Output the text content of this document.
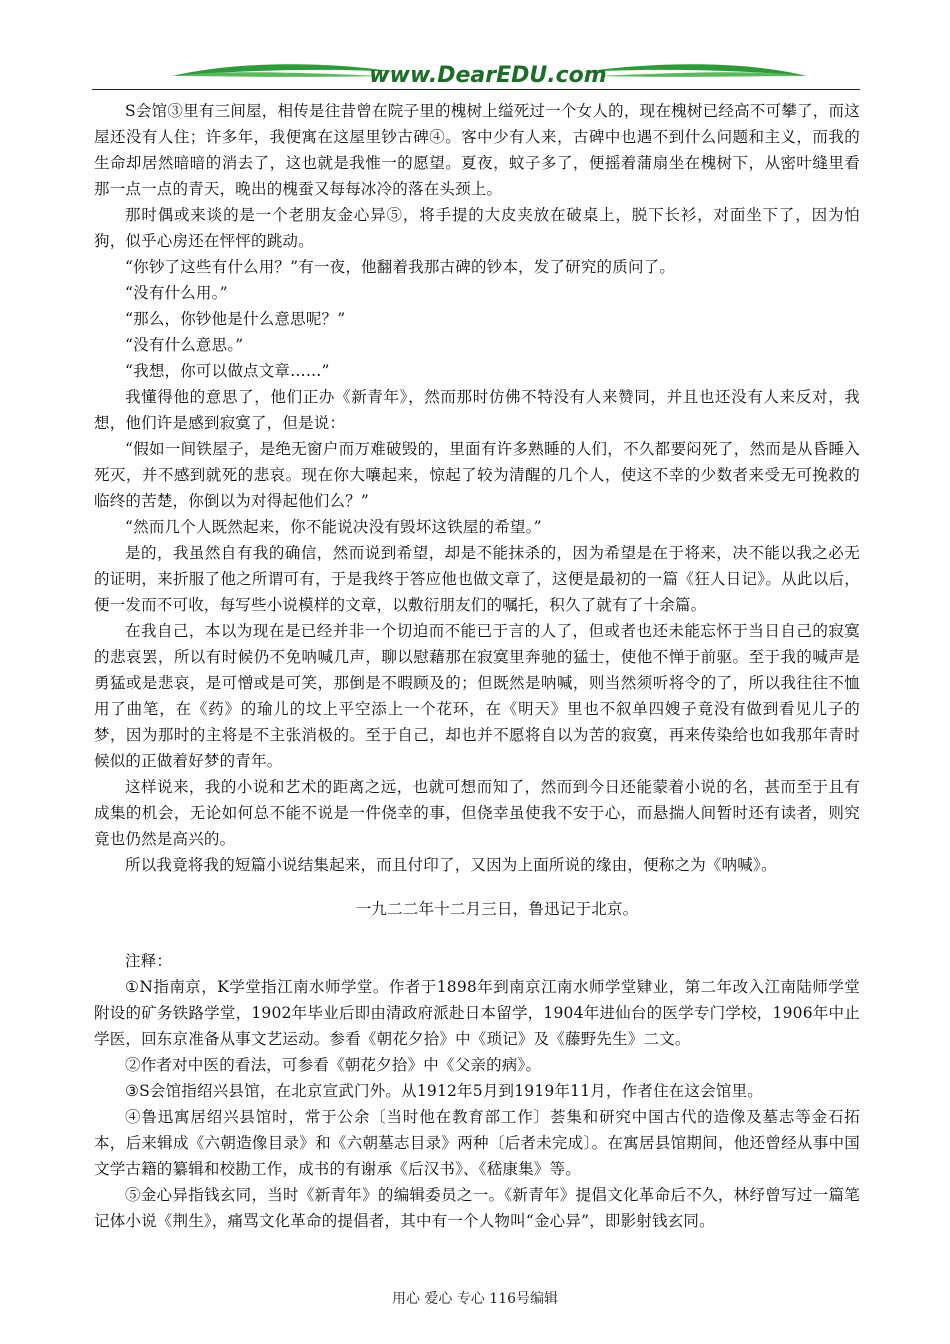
www.DearEDU.com

S会馆③里有三间屋，相传是往昔曾在院子里的槐树上缢死过一个女人的，现在槐树已经高不可攀了，而这屋还没有人住；许多年，我便寓在这屋里钞古碑④。客中少有人来，古碑中也遇不到什么问题和主义，而我的生命却居然暗暗的消去了，这也就是我惟一的愿望。夏夜，蚊子多了，便摇着蒲扇坐在槐树下，从密叶缝里看那一点一点的青天，晚出的槐蚕又每每冰冷的落在头颈上。

那时偶或来谈的是一个老朋友金心异⑤，将手提的大皮夹放在破桌上，脱下长衫，对面坐下了，因为怕狗，似乎心房还在怦怦的跳动。

“你钞了这些有什么用？”有一夜，他翻着我那古碑的钞本，发了研究的质问了。

“没有什么用。”

“那么，你钞他是什么意思呢？”

“没有什么意思。”

“我想，你可以做点文章……”

我懂得他的意思了，他们正办《新青年》，然而那时仿佛不特没有人来赞同，并且也还没有人来反对，我想，他们许是感到寂寞了，但是说：

“假如一间铁屋子，是绝无窗户而万难破毁的，里面有许多熟睡的人们，不久都要闷死了，然而是从昏睡入死灭，并不感到就死的悲哀。现在你大嚷起来，惊起了较为清醒的几个人，使这不幸的少数者来受无可挽救的临终的苦楚，你倒以为对得起他们么？”

“然而几个人既然起来，你不能说决没有毁坏这铁屋的希望。”

是的，我虽然自有我的确信，然而说到希望，却是不能抹杀的，因为希望是在于将来，决不能以我之必无的证明，来折服了他之所谓可有，于是我终于答应他也做文章了，这便是最初的一篇《狂人日记》。从此以后，便一发而不可收，每写些小说模样的文章，以敷衍朋友们的嘱托，积久了就有了十余篇。

在我自己，本以为现在是已经并非一个切迫而不能已于言的人了，但或者也还未能忘怀于当日自己的寂寞的悲哀罢，所以有时候仍不免呐喊几声，聊以慰藉那在寂寞里奔驰的猛士，使他不惮于前驱。至于我的喊声是勇猛或是悲哀，是可憎或是可笑，那倒是不暇顾及的；但既然是呐喊，则当然须听将令的了，所以我往往不恤用了曲笔，在《药》的瑜儿的坟上平空添上一个花环，在《明天》里也不叙单四嫂子竟没有做到看见儿子的梦，因为那时的主将是不主张消极的。至于自己，却也并不愿将自以为苦的寂寞，再来传染给也如我那年青时候似的正做着好梦的青年。

这样说来，我的小说和艺术的距离之远，也就可想而知了，然而到今日还能蒙着小说的名，甚而至于且有成集的机会，无论如何总不能不说是一件侥幸的事，但侥幸虽使我不安于心，而悬揣人间暂时还有读者，则究竟也仍然是高兴的。

所以我竟将我的短篇小说结集起来，而且付印了，又因为上面所说的缘由，便称之为《呐喊》。

一九二二年十二月三日，鲁迅记于北京。

注释：

①N指南京，K学堂指江南水师学堂。作者于1898年到南京江南水师学堂肄业，第二年改入江南陆师学堂附设的矿务铁路学堂，1902年毕业后即由清政府派赴日本留学，1904年进仙台的医学专门学校，1906年中止学医，回东京准备从事文艺运动。参看《朝花夕拾》中《琐记》及《藤野先生》二文。

②作者对中医的看法，可参看《朝花夕拾》中《父亲的病》。

③S会馆指绍兴县馆，在北京宣武门外。从1912年5月到1919年11月，作者住在这会馆里。

④鲁迅寓居绍兴县馆时，常于公余〔当时他在教育部工作〕荟集和研究中国古代的造像及墓志等金石拓本，后来辑成《六朝造像目录》和《六朝墓志目录》两种〔后者未完成〕。在寓居县馆期间，他还曾经从事中国文学古籍的纂辑和校勘工作，成书的有谢承《后汉书》、《嵇康集》等。

⑤金心异指钱玄同，当时《新青年》的编辑委员之一。《新青年》提倡文化革命后不久，林纾曾写过一篇笔记体小说《荆生》，痛骂文化革命的提倡者，其中有一个人物叫“金心异”，即影射钱玄同。

用心 爱心 专心 116号编辑
